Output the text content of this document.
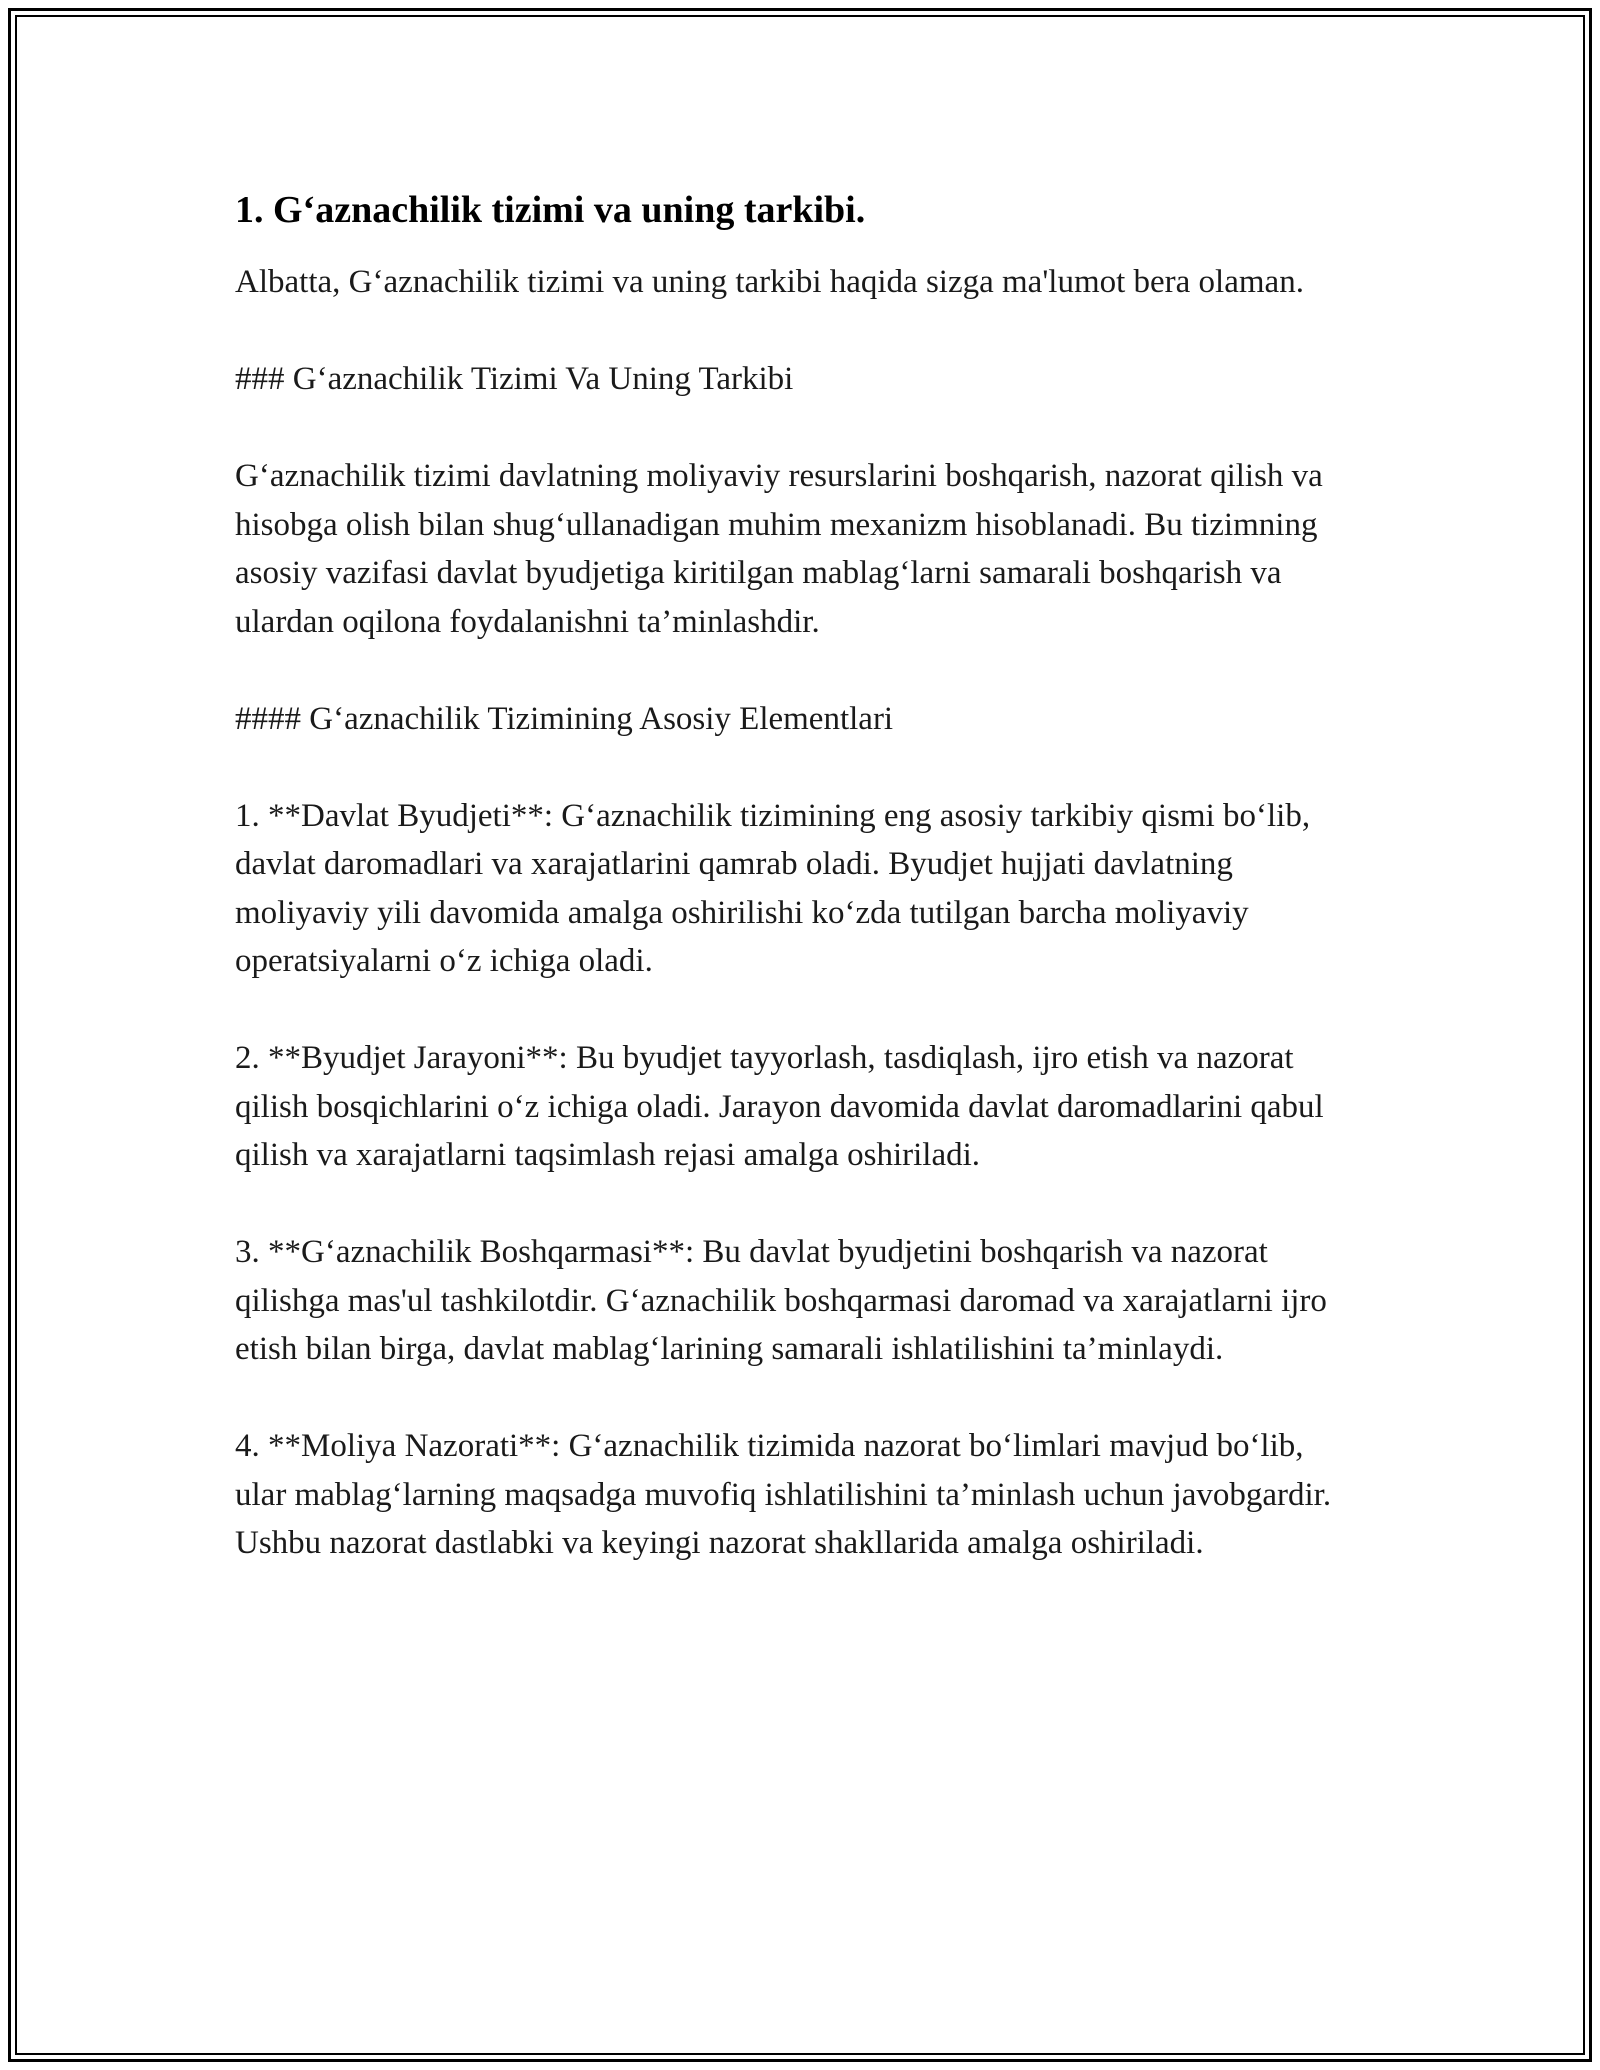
1. G‘aznachilik tizimi va uning tarkibi.

Albatta, G‘aznachilik tizimi va uning tarkibi haqida sizga ma'lumot bera olaman.

### G‘aznachilik Tizimi Va Uning Tarkibi

G‘aznachilik tizimi davlatning moliyaviy resurslarini boshqarish, nazorat qilish va hisobga olish bilan shug‘ullanadigan muhim mexanizm hisoblanadi. Bu tizimning asosiy vazifasi davlat byudjetiga kiritilgan mablag‘larni samarali boshqarish va ulardan oqilona foydalanishni ta’minlashdir.

#### G‘aznachilik Tizimining Asosiy Elementlari

1. **Davlat Byudjeti**: G‘aznachilik tizimining eng asosiy tarkibiy qismi bo‘lib, davlat daromadlari va xarajatlarini qamrab oladi. Byudjet hujjati davlatning moliyaviy yili davomida amalga oshirilishi ko‘zda tutilgan barcha moliyaviy operatsiyalarni o‘z ichiga oladi.

2. **Byudjet Jarayoni**: Bu byudjet tayyorlash, tasdiqlash, ijro etish va nazorat qilish bosqichlarini o‘z ichiga oladi. Jarayon davomida davlat daromadlarini qabul qilish va xarajatlarni taqsimlash rejasi amalga oshiriladi.

3. **G‘aznachilik Boshqarmasi**: Bu davlat byudjetini boshqarish va nazorat qilishga mas'ul tashkilotdir. G‘aznachilik boshqarmasi daromad va xarajatlarni ijro etish bilan birga, davlat mablag‘larining samarali ishlatilishini ta’minlaydi.

4. **Moliya Nazorati**: G‘aznachilik tizimida nazorat bo‘limlari mavjud bo‘lib, ular mablag‘larning maqsadga muvofiq ishlatilishini ta’minlash uchun javobgardir. Ushbu nazorat dastlabki va keyingi nazorat shakllarida amalga oshiriladi.
